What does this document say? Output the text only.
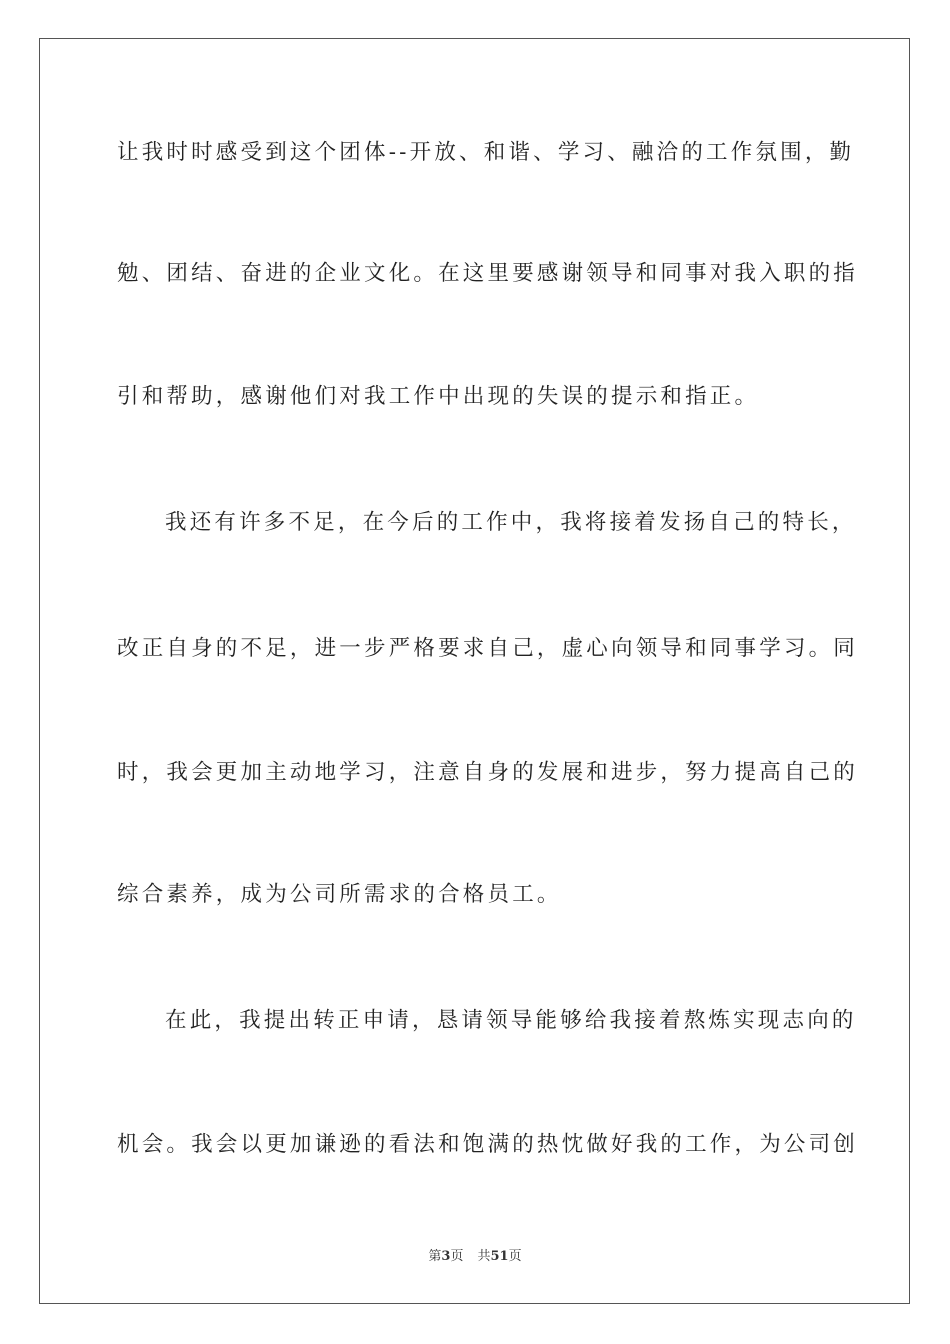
让我时时感受到这个团体--开放、和谐、学习、融洽的工作氛围，勤
勉、团结、奋进的企业文化。在这里要感谢领导和同事对我入职的指
引和帮助，感谢他们对我工作中出现的失误的提示和指正。
我还有许多不足，在今后的工作中，我将接着发扬自己的特长，
改正自身的不足，进一步严格要求自己，虚心向领导和同事学习。同
时，我会更加主动地学习，注意自身的发展和进步，努力提高自己的
综合素养，成为公司所需求的合格员工。
在此，我提出转正申请，恳请领导能够给我接着熬炼实现志向的
机会。我会以更加谦逊的看法和饱满的热忱做好我的工作，为公司创
第3页 共51页
